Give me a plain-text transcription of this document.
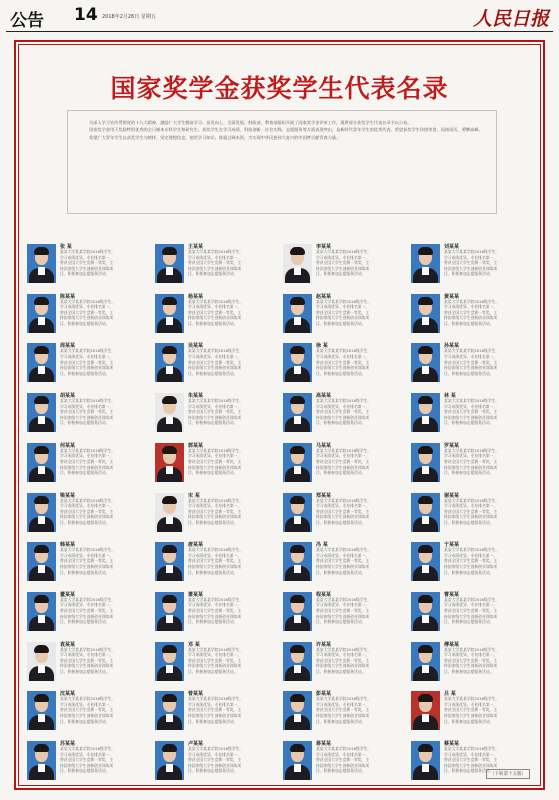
公告 14 2018年2月26日 星期五	人民日报
国家奖学金获奖学生代表名录

为深入学习宣传贯彻党的十九大精神，激励广大学生勤奋学习、奋发向上、全面发展，财政部、教育部组织开展了国家奖学金评审工作，现将部分获奖学生代表名录予以公布。

国家奖学金用于奖励特别优秀的全日制本专科学生和研究生。获奖学生在学习成绩、科技创新、社会实践、志愿服务等方面表现突出，是新时代青年学生的优秀代表，希望获奖学生珍惜荣誉，再接再厉，勇攀高峰。

希望广大青年学生以获奖学生为榜样，坚定理想信念，刻苦学习知识，练就过硬本领，为实现中华民族伟大复兴的中国梦贡献青春力量。

张 某
某某大学某某学院2016级学生，
学习成绩优异，专业排名第一，
曾获全国大学生竞赛一等奖，主
持国家级大学生创新创业训练项
目，积极参加志愿服务活动。
王某某
某某大学某某学院2016级学生，
学习成绩优异，专业排名第一，
曾获全国大学生竞赛一等奖，主
持国家级大学生创新创业训练项
目，积极参加志愿服务活动。
李某某
某某大学某某学院2016级学生，
学习成绩优异，专业排名第一，
曾获全国大学生竞赛一等奖，主
持国家级大学生创新创业训练项
目，积极参加志愿服务活动。
刘某某
某某大学某某学院2016级学生，
学习成绩优异，专业排名第一，
曾获全国大学生竞赛一等奖，主
持国家级大学生创新创业训练项
目，积极参加志愿服务活动。
陈某某
某某大学某某学院2016级学生，
学习成绩优异，专业排名第一，
曾获全国大学生竞赛一等奖，主
持国家级大学生创新创业训练项
目，积极参加志愿服务活动。
杨某某
某某大学某某学院2016级学生，
学习成绩优异，专业排名第一，
曾获全国大学生竞赛一等奖，主
持国家级大学生创新创业训练项
目，积极参加志愿服务活动。
赵某某
某某大学某某学院2016级学生，
学习成绩优异，专业排名第一，
曾获全国大学生竞赛一等奖，主
持国家级大学生创新创业训练项
目，积极参加志愿服务活动。
黄某某
某某大学某某学院2016级学生，
学习成绩优异，专业排名第一，
曾获全国大学生竞赛一等奖，主
持国家级大学生创新创业训练项
目，积极参加志愿服务活动。
周某某
某某大学某某学院2016级学生，
学习成绩优异，专业排名第一，
曾获全国大学生竞赛一等奖，主
持国家级大学生创新创业训练项
目，积极参加志愿服务活动。
吴某某
某某大学某某学院2016级学生，
学习成绩优异，专业排名第一，
曾获全国大学生竞赛一等奖，主
持国家级大学生创新创业训练项
目，积极参加志愿服务活动。
徐 某
某某大学某某学院2016级学生，
学习成绩优异，专业排名第一，
曾获全国大学生竞赛一等奖，主
持国家级大学生创新创业训练项
目，积极参加志愿服务活动。
孙某某
某某大学某某学院2016级学生，
学习成绩优异，专业排名第一，
曾获全国大学生竞赛一等奖，主
持国家级大学生创新创业训练项
目，积极参加志愿服务活动。
胡某某
某某大学某某学院2016级学生，
学习成绩优异，专业排名第一，
曾获全国大学生竞赛一等奖，主
持国家级大学生创新创业训练项
目，积极参加志愿服务活动。
朱某某
某某大学某某学院2016级学生，
学习成绩优异，专业排名第一，
曾获全国大学生竞赛一等奖，主
持国家级大学生创新创业训练项
目，积极参加志愿服务活动。
高某某
某某大学某某学院2016级学生，
学习成绩优异，专业排名第一，
曾获全国大学生竞赛一等奖，主
持国家级大学生创新创业训练项
目，积极参加志愿服务活动。
林 某
某某大学某某学院2016级学生，
学习成绩优异，专业排名第一，
曾获全国大学生竞赛一等奖，主
持国家级大学生创新创业训练项
目，积极参加志愿服务活动。
何某某
某某大学某某学院2016级学生，
学习成绩优异，专业排名第一，
曾获全国大学生竞赛一等奖，主
持国家级大学生创新创业训练项
目，积极参加志愿服务活动。
郭某某
某某大学某某学院2016级学生，
学习成绩优异，专业排名第一，
曾获全国大学生竞赛一等奖，主
持国家级大学生创新创业训练项
目，积极参加志愿服务活动。
马某某
某某大学某某学院2016级学生，
学习成绩优异，专业排名第一，
曾获全国大学生竞赛一等奖，主
持国家级大学生创新创业训练项
目，积极参加志愿服务活动。
罗某某
某某大学某某学院2016级学生，
学习成绩优异，专业排名第一，
曾获全国大学生竞赛一等奖，主
持国家级大学生创新创业训练项
目，积极参加志愿服务活动。
梁某某
某某大学某某学院2016级学生，
学习成绩优异，专业排名第一，
曾获全国大学生竞赛一等奖，主
持国家级大学生创新创业训练项
目，积极参加志愿服务活动。
宋 某
某某大学某某学院2016级学生，
学习成绩优异，专业排名第一，
曾获全国大学生竞赛一等奖，主
持国家级大学生创新创业训练项
目，积极参加志愿服务活动。
郑某某
某某大学某某学院2016级学生，
学习成绩优异，专业排名第一，
曾获全国大学生竞赛一等奖，主
持国家级大学生创新创业训练项
目，积极参加志愿服务活动。
谢某某
某某大学某某学院2016级学生，
学习成绩优异，专业排名第一，
曾获全国大学生竞赛一等奖，主
持国家级大学生创新创业训练项
目，积极参加志愿服务活动。
韩某某
某某大学某某学院2016级学生，
学习成绩优异，专业排名第一，
曾获全国大学生竞赛一等奖，主
持国家级大学生创新创业训练项
目，积极参加志愿服务活动。
唐某某
某某大学某某学院2016级学生，
学习成绩优异，专业排名第一，
曾获全国大学生竞赛一等奖，主
持国家级大学生创新创业训练项
目，积极参加志愿服务活动。
冯 某
某某大学某某学院2016级学生，
学习成绩优异，专业排名第一，
曾获全国大学生竞赛一等奖，主
持国家级大学生创新创业训练项
目，积极参加志愿服务活动。
于某某
某某大学某某学院2016级学生，
学习成绩优异，专业排名第一，
曾获全国大学生竞赛一等奖，主
持国家级大学生创新创业训练项
目，积极参加志愿服务活动。
董某某
某某大学某某学院2016级学生，
学习成绩优异，专业排名第一，
曾获全国大学生竞赛一等奖，主
持国家级大学生创新创业训练项
目，积极参加志愿服务活动。
萧某某
某某大学某某学院2016级学生，
学习成绩优异，专业排名第一，
曾获全国大学生竞赛一等奖，主
持国家级大学生创新创业训练项
目，积极参加志愿服务活动。
程某某
某某大学某某学院2016级学生，
学习成绩优异，专业排名第一，
曾获全国大学生竞赛一等奖，主
持国家级大学生创新创业训练项
目，积极参加志愿服务活动。
曹某某
某某大学某某学院2016级学生，
学习成绩优异，专业排名第一，
曾获全国大学生竞赛一等奖，主
持国家级大学生创新创业训练项
目，积极参加志愿服务活动。
袁某某
某某大学某某学院2016级学生，
学习成绩优异，专业排名第一，
曾获全国大学生竞赛一等奖，主
持国家级大学生创新创业训练项
目，积极参加志愿服务活动。
邓 某
某某大学某某学院2016级学生，
学习成绩优异，专业排名第一，
曾获全国大学生竞赛一等奖，主
持国家级大学生创新创业训练项
目，积极参加志愿服务活动。
许某某
某某大学某某学院2016级学生，
学习成绩优异，专业排名第一，
曾获全国大学生竞赛一等奖，主
持国家级大学生创新创业训练项
目，积极参加志愿服务活动。
傅某某
某某大学某某学院2016级学生，
学习成绩优异，专业排名第一，
曾获全国大学生竞赛一等奖，主
持国家级大学生创新创业训练项
目，积极参加志愿服务活动。
沈某某
某某大学某某学院2016级学生，
学习成绩优异，专业排名第一，
曾获全国大学生竞赛一等奖，主
持国家级大学生创新创业训练项
目，积极参加志愿服务活动。
曾某某
某某大学某某学院2016级学生，
学习成绩优异，专业排名第一，
曾获全国大学生竞赛一等奖，主
持国家级大学生创新创业训练项
目，积极参加志愿服务活动。
彭某某
某某大学某某学院2016级学生，
学习成绩优异，专业排名第一，
曾获全国大学生竞赛一等奖，主
持国家级大学生创新创业训练项
目，积极参加志愿服务活动。
吕 某
某某大学某某学院2016级学生，
学习成绩优异，专业排名第一，
曾获全国大学生竞赛一等奖，主
持国家级大学生创新创业训练项
目，积极参加志愿服务活动。
苏某某
某某大学某某学院2016级学生，
学习成绩优异，专业排名第一，
曾获全国大学生竞赛一等奖，主
持国家级大学生创新创业训练项
目，积极参加志愿服务活动。
卢某某
某某大学某某学院2016级学生，
学习成绩优异，专业排名第一，
曾获全国大学生竞赛一等奖，主
持国家级大学生创新创业训练项
目，积极参加志愿服务活动。
蒋某某
某某大学某某学院2016级学生，
学习成绩优异，专业排名第一，
曾获全国大学生竞赛一等奖，主
持国家级大学生创新创业训练项
目，积极参加志愿服务活动。
蔡某某
某某大学某某学院2016级学生，
学习成绩优异，专业排名第一，
曾获全国大学生竞赛一等奖，主
持国家级大学生创新创业训练项
目，积极参加志愿服务活动。
（下转第十五版）
